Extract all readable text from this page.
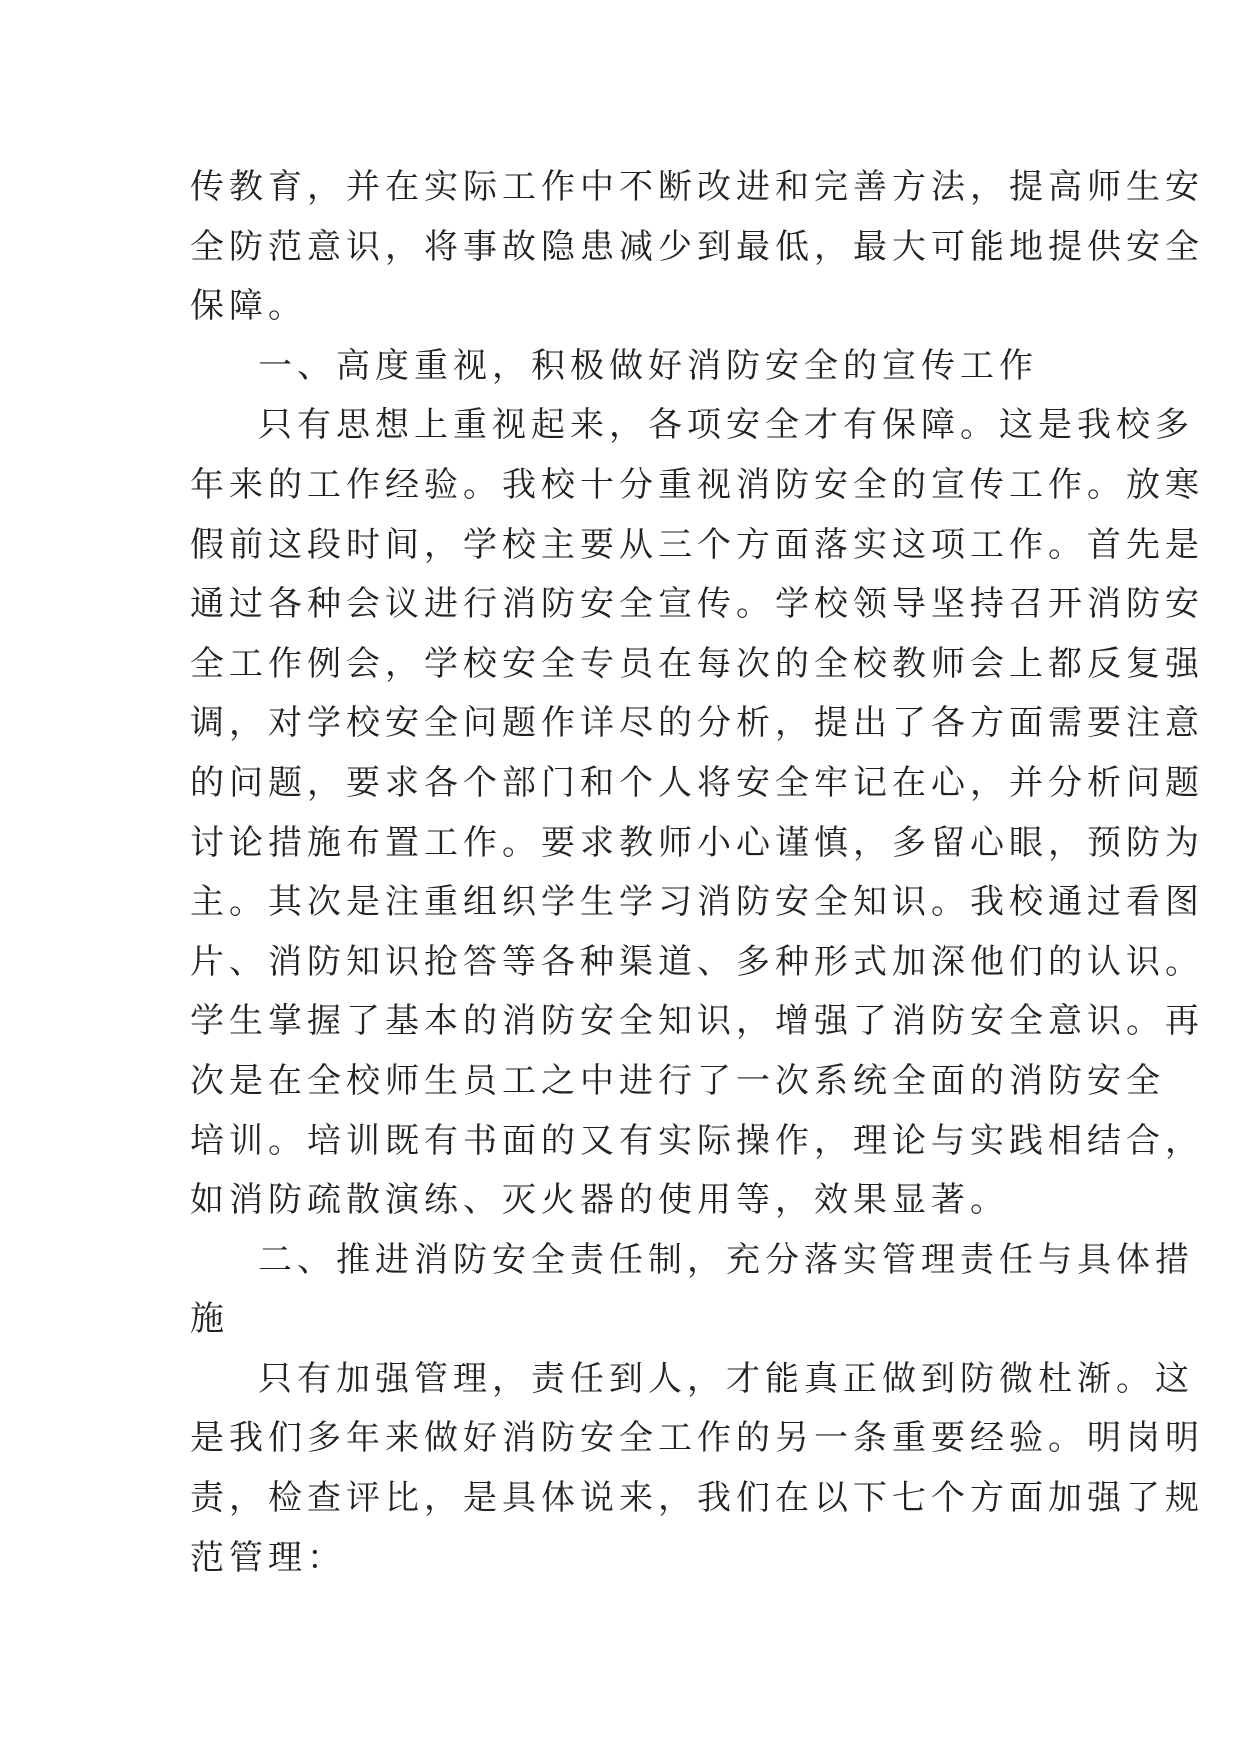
传教育，并在实际工作中不断改进和完善方法，提高师生安
全防范意识，将事故隐患减少到最低，最大可能地提供安全
保障。
一、高度重视，积极做好消防安全的宣传工作
只有思想上重视起来，各项安全才有保障。这是我校多
年来的工作经验。我校十分重视消防安全的宣传工作。放寒
假前这段时间，学校主要从三个方面落实这项工作。首先是
通过各种会议进行消防安全宣传。学校领导坚持召开消防安
全工作例会，学校安全专员在每次的全校教师会上都反复强
调，对学校安全问题作详尽的分析，提出了各方面需要注意
的问题，要求各个部门和个人将安全牢记在心，并分析问题
讨论措施布置工作。要求教师小心谨慎，多留心眼，预防为
主。其次是注重组织学生学习消防安全知识。我校通过看图
片、消防知识抢答等各种渠道、多种形式加深他们的认识。
学生掌握了基本的消防安全知识，增强了消防安全意识。再
次是在全校师生员工之中进行了一次系统全面的消防安全
培训。培训既有书面的又有实际操作，理论与实践相结合，
如消防疏散演练、灭火器的使用等，效果显著。
二、推进消防安全责任制，充分落实管理责任与具体措
施
只有加强管理，责任到人，才能真正做到防微杜渐。这
是我们多年来做好消防安全工作的另一条重要经验。明岗明
责，检查评比，是具体说来，我们在以下七个方面加强了规
范管理：
